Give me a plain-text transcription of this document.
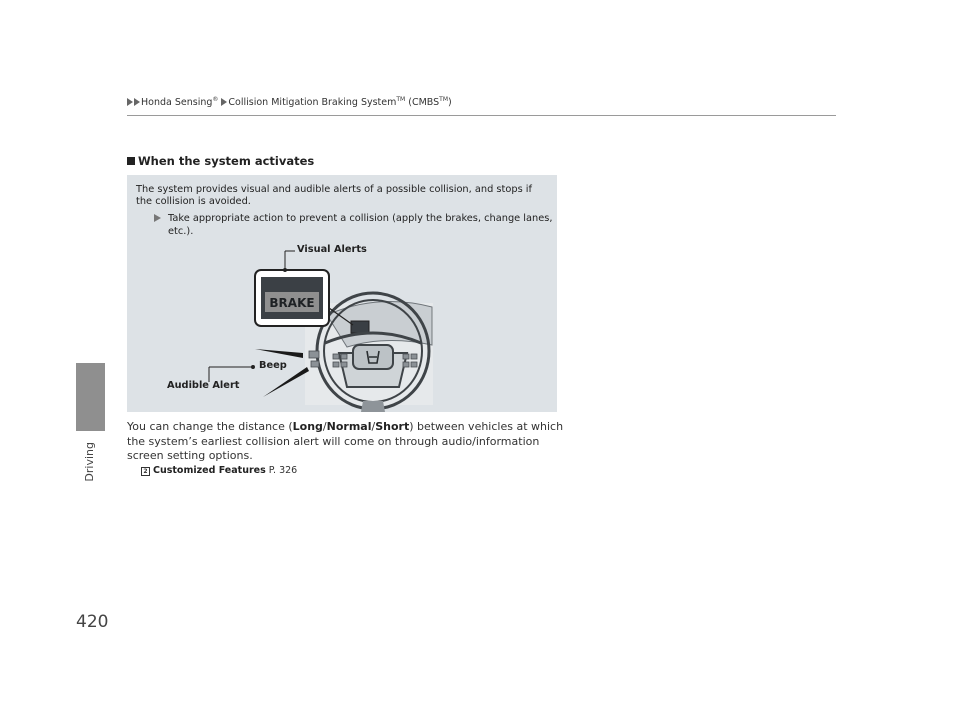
Honda Sensing® Collision Mitigation Braking System™ (CMBS™)
Driving
420
When the system activates
The system provides visual and audible alerts of a possible collision, and stops if the collision is avoided.
Take appropriate action to prevent a collision (apply the brakes, change lanes, etc.).
BRAKE
Visual Alerts
Beep
Audible Alert
You can change the distance (Long/Normal/Short) between vehicles at which the system’s earliest collision alert will come on through audio/information screen setting options.
2 Customized Features P. 326
